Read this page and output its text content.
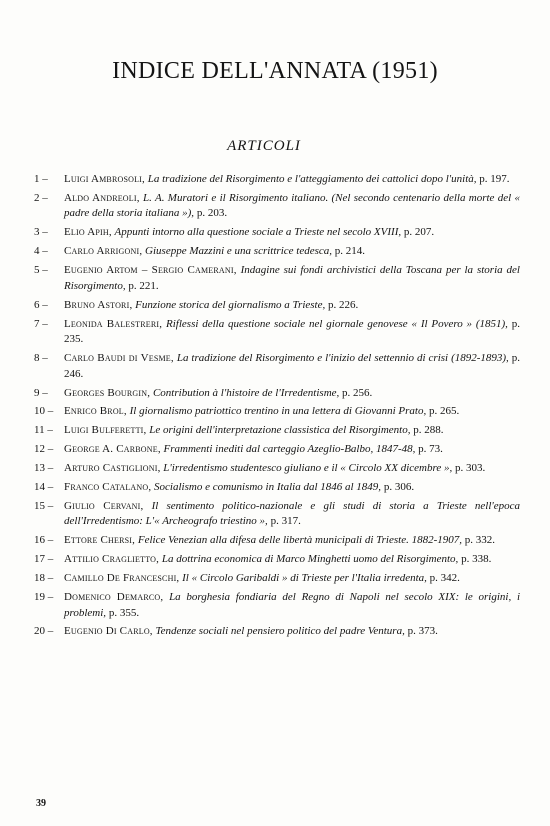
INDICE DELL'ANNATA (1951)
ARTICOLI
1 –	Luigi Ambrosoli, La tradizione del Risorgimento e l'atteggiamento dei cattolici dopo l'unità, p. 197.
2 –	Aldo Andreoli, L. A. Muratori e il Risorgimento italiano. (Nel secondo centenario della morte del « padre della storia italiana »), p. 203.
3 –	Elio Apih, Appunti intorno alla questione sociale a Trieste nel secolo XVIII, p. 207.
4 –	Carlo Arrigoni, Giuseppe Mazzini e una scrittrice tedesca, p. 214.
5 –	Eugenio Artom – Sergio Camerani, Indagine sui fondi archivistici della Toscana per la storia del Risorgimento, p. 221.
6 –	Bruno Astori, Funzione storica del giornalismo a Trieste, p. 226.
7 –	Leonida Balestreri, Riflessi della questione sociale nel giornale genovese « Il Povero » (1851), p. 235.
8 –	Carlo Baudi di Vesme, La tradizione del Risorgimento e l'inizio del settennio di crisi (1892-1893), p. 246.
9 –	Georges Bourgin, Contribution à l'histoire de l'Irredentisme, p. 256.
10 – Enrico Brol, Il giornalismo patriottico trentino in una lettera di Giovanni Prato, p. 265.
11 –	Luigi Bulferetti, Le origini dell'interpretazione classistica del Risorgimento, p. 288.
12 – George A. Carbone, Frammenti inediti dal carteggio Azeglio-Balbo, 1847-48, p. 73.
13 – Arturo Castiglioni, L'irredentismo studentesco giuliano e il « Circolo XX dicembre », p. 303.
14 – Franco Catalano, Socialismo e comunismo in Italia dal 1846 al 1849, p. 306.
15 – Giulio Cervani, Il sentimento politico-nazionale e gli studi di storia a Trieste nell'epoca dell'Irredentismo: L'« Archeografo triestino », p. 317.
16 – Ettore Chersi, Felice Venezian alla difesa delle libertà municipali di Trieste. 1882-1907, p. 332.
17 – Attilio Craglietto, La dottrina economica di Marco Minghetti uomo del Risorgimento, p. 338.
18 – Camillo De Franceschi, Il « Circolo Garibaldi » di Trieste per l'Italia irredenta, p. 342.
19 – Domenico Demarco, La borghesia fondiaria del Regno di Napoli nel secolo XIX: le origini, i problemi, p. 355.
20 – Eugenio Di Carlo, Tendenze sociali nel pensiero politico del padre Ventura, p. 373.
39
